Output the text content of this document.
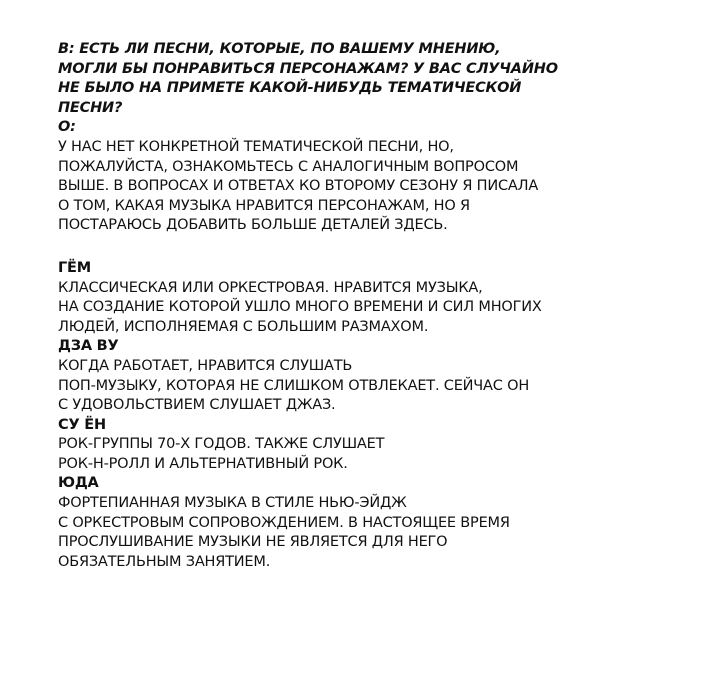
В: ЕСТЬ ЛИ ПЕСНИ, КОТОРЫЕ, ПО ВАШЕМУ МНЕНИЮ,
МОГЛИ БЫ ПОНРАВИТЬСЯ ПЕРСОНАЖАМ? У ВАС СЛУЧАЙНО
НЕ БЫЛО НА ПРИМЕТЕ КАКОЙ-НИБУДЬ ТЕМАТИЧЕСКОЙ
ПЕСНИ?
О:
У НАС НЕТ КОНКРЕТНОЙ ТЕМАТИЧЕСКОЙ ПЕСНИ, НО,
ПОЖАЛУЙСТА, ОЗНАКОМЬТЕСЬ С АНАЛОГИЧНЫМ ВОПРОСОМ
ВЫШЕ. В ВОПРОСАХ И ОТВЕТАХ КО ВТОРОМУ СЕЗОНУ Я ПИСАЛА
О ТОМ, КАКАЯ МУЗЫКА НРАВИТСЯ ПЕРСОНАЖАМ, НО Я
ПОСТАРАЮСЬ ДОБАВИТЬ БОЛЬШЕ ДЕТАЛЕЙ ЗДЕСЬ.
ГЁМ
КЛАССИЧЕСКАЯ ИЛИ ОРКЕСТРОВАЯ. НРАВИТСЯ МУЗЫКА,
НА СОЗДАНИЕ КОТОРОЙ УШЛО МНОГО ВРЕМЕНИ И СИЛ МНОГИХ
ЛЮДЕЙ, ИСПОЛНЯЕМАЯ С БОЛЬШИМ РАЗМАХОМ.
ДЗА ВУ
КОГДА РАБОТАЕТ, НРАВИТСЯ СЛУШАТЬ
ПОП-МУЗЫКУ, КОТОРАЯ НЕ СЛИШКОМ ОТВЛЕКАЕТ. СЕЙЧАС ОН
С УДОВОЛЬСТВИЕМ СЛУШАЕТ ДЖАЗ.
СУ ЁН
РОК-ГРУППЫ 70-Х ГОДОВ. ТАКЖЕ СЛУШАЕТ
РОК-Н-РОЛЛ И АЛЬТЕРНАТИВНЫЙ РОК.
ЮДА
ФОРТЕПИАННАЯ МУЗЫКА В СТИЛЕ НЬЮ-ЭЙДЖ
С ОРКЕСТРОВЫМ СОПРОВОЖДЕНИЕМ. В НАСТОЯЩЕЕ ВРЕМЯ
ПРОСЛУШИВАНИЕ МУЗЫКИ НЕ ЯВЛЯЕТСЯ ДЛЯ НЕГО
ОБЯЗАТЕЛЬНЫМ ЗАНЯТИЕМ.
